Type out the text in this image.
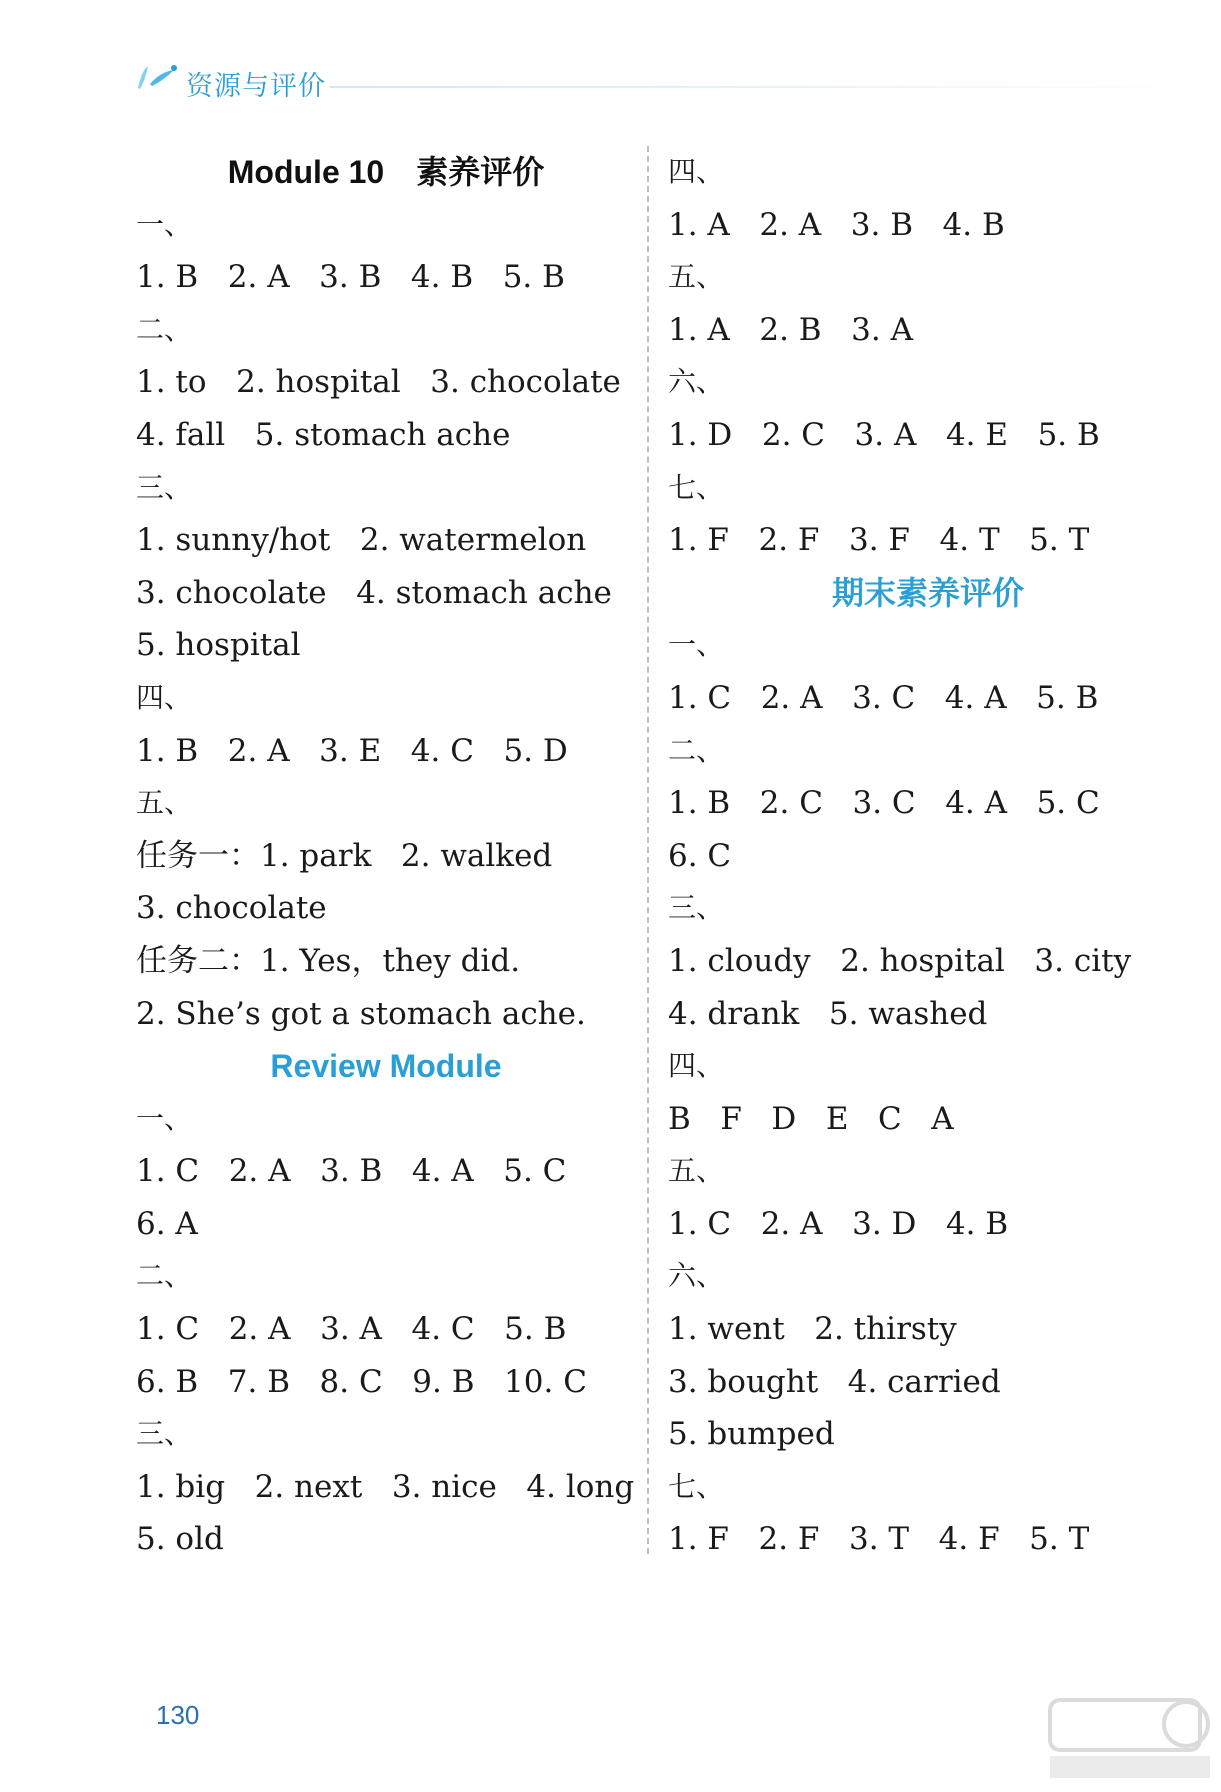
资源与评价
Module 10　素养评价
一、
1. B   2. A   3. B   4. B   5. B
二、
1. to   2. hospital   3. chocolate
4. fall   5. stomach ache
三、
1. sunny/hot   2. watermelon
3. chocolate   4. stomach ache
5. hospital
四、
1. B   2. A   3. E   4. C   5. D
五、
任务一：1. park   2. walked
3. chocolate
任务二：1. Yes，they did.
2. She’s got a stomach ache.
Review Module
一、
1. C   2. A   3. B   4. A   5. C
6. A
二、
1. C   2. A   3. A   4. C   5. B
6. B   7. B   8. C   9. B   10. C
三、
1. big   2. next   3. nice   4. long
5. old
四、
1. A   2. A   3. B   4. B
五、
1. A   2. B   3. A
六、
1. D   2. C   3. A   4. E   5. B
七、
1. F   2. F   3. F   4. T   5. T
期末素养评价
一、
1. C   2. A   3. C   4. A   5. B
二、
1. B   2. C   3. C   4. A   5. C
6. C
三、
1. cloudy   2. hospital   3. city
4. drank   5. washed
四、
B   F   D   E   C   A
五、
1. C   2. A   3. D   4. B
六、
1. went   2. thirsty
3. bought   4. carried
5. bumped
七、
1. F   2. F   3. T   4. F   5. T
130
